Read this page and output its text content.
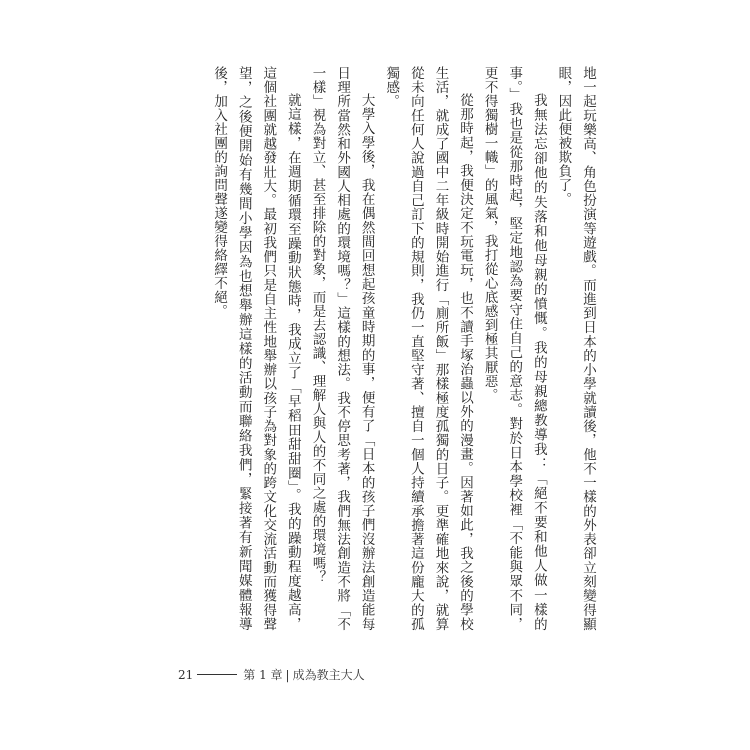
地一起玩樂高、角色扮演等遊戲。而進到日本的小學就讀後，他不一樣的外表卻立刻變得顯眼，因此便被欺負了。

我無法忘卻他的失落和他母親的憤慨。我的母親總教導我：「絕不要和他人做一樣的事。」我也是從那時起，堅定地認為要守住自己的意志。對於日本學校裡「不能與眾不同，更不得獨樹一幟」的風氣，我打從心底感到極其厭惡。

從那時起，我便決定不玩電玩，也不讀手塚治蟲以外的漫畫。因著如此，我之後的學校生活，就成了國中二年級時開始進行「廁所飯」那樣極度孤獨的日子。更準確地來說，就算從未向任何人說過自己訂下的規則，我仍一直堅守著、擅自一個人持續承擔著這份龐大的孤獨感。

大學入學後，我在偶然間回想起孩童時期的事，便有了「日本的孩子們沒辦法創造能每日理所當然和外國人相處的環境嗎？」這樣的想法。我不停思考著，我們無法創造不將「不一樣」視為對立、甚至排除的對象，而是去認識、理解人與人的不同之處的環境嗎？

就這樣，在週期循環至躁動狀態時，我成立了「早稻田甜甜圈」。我的躁動程度越高，這個社團就越發壯大。最初我們只是自主性地舉辦以孩子為對象的跨文化交流活動而獲得聲望，之後便開始有幾間小學因為也想舉辦這樣的活動而聯絡我們，緊接著有新聞媒體報導後，加入社團的詢問聲遂變得絡繹不絕。

21	第 1 章 | 成為教主大人
